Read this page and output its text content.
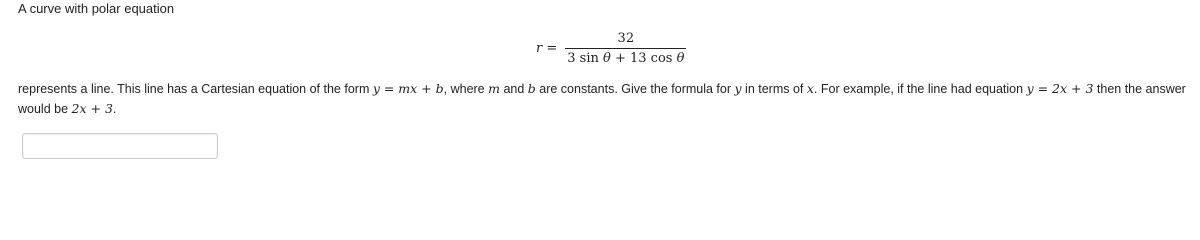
A curve with polar equation
$r = \frac{32}{\text{3 sin θ + 13 cos θ}}$
represents a line. This line has a Cartesian equation of the form y = mx + b, where m and b are constants. Give the formula for y in terms of x. For example, if the line had equation y = 2x + 3 then the answer would be 2x + 3.
